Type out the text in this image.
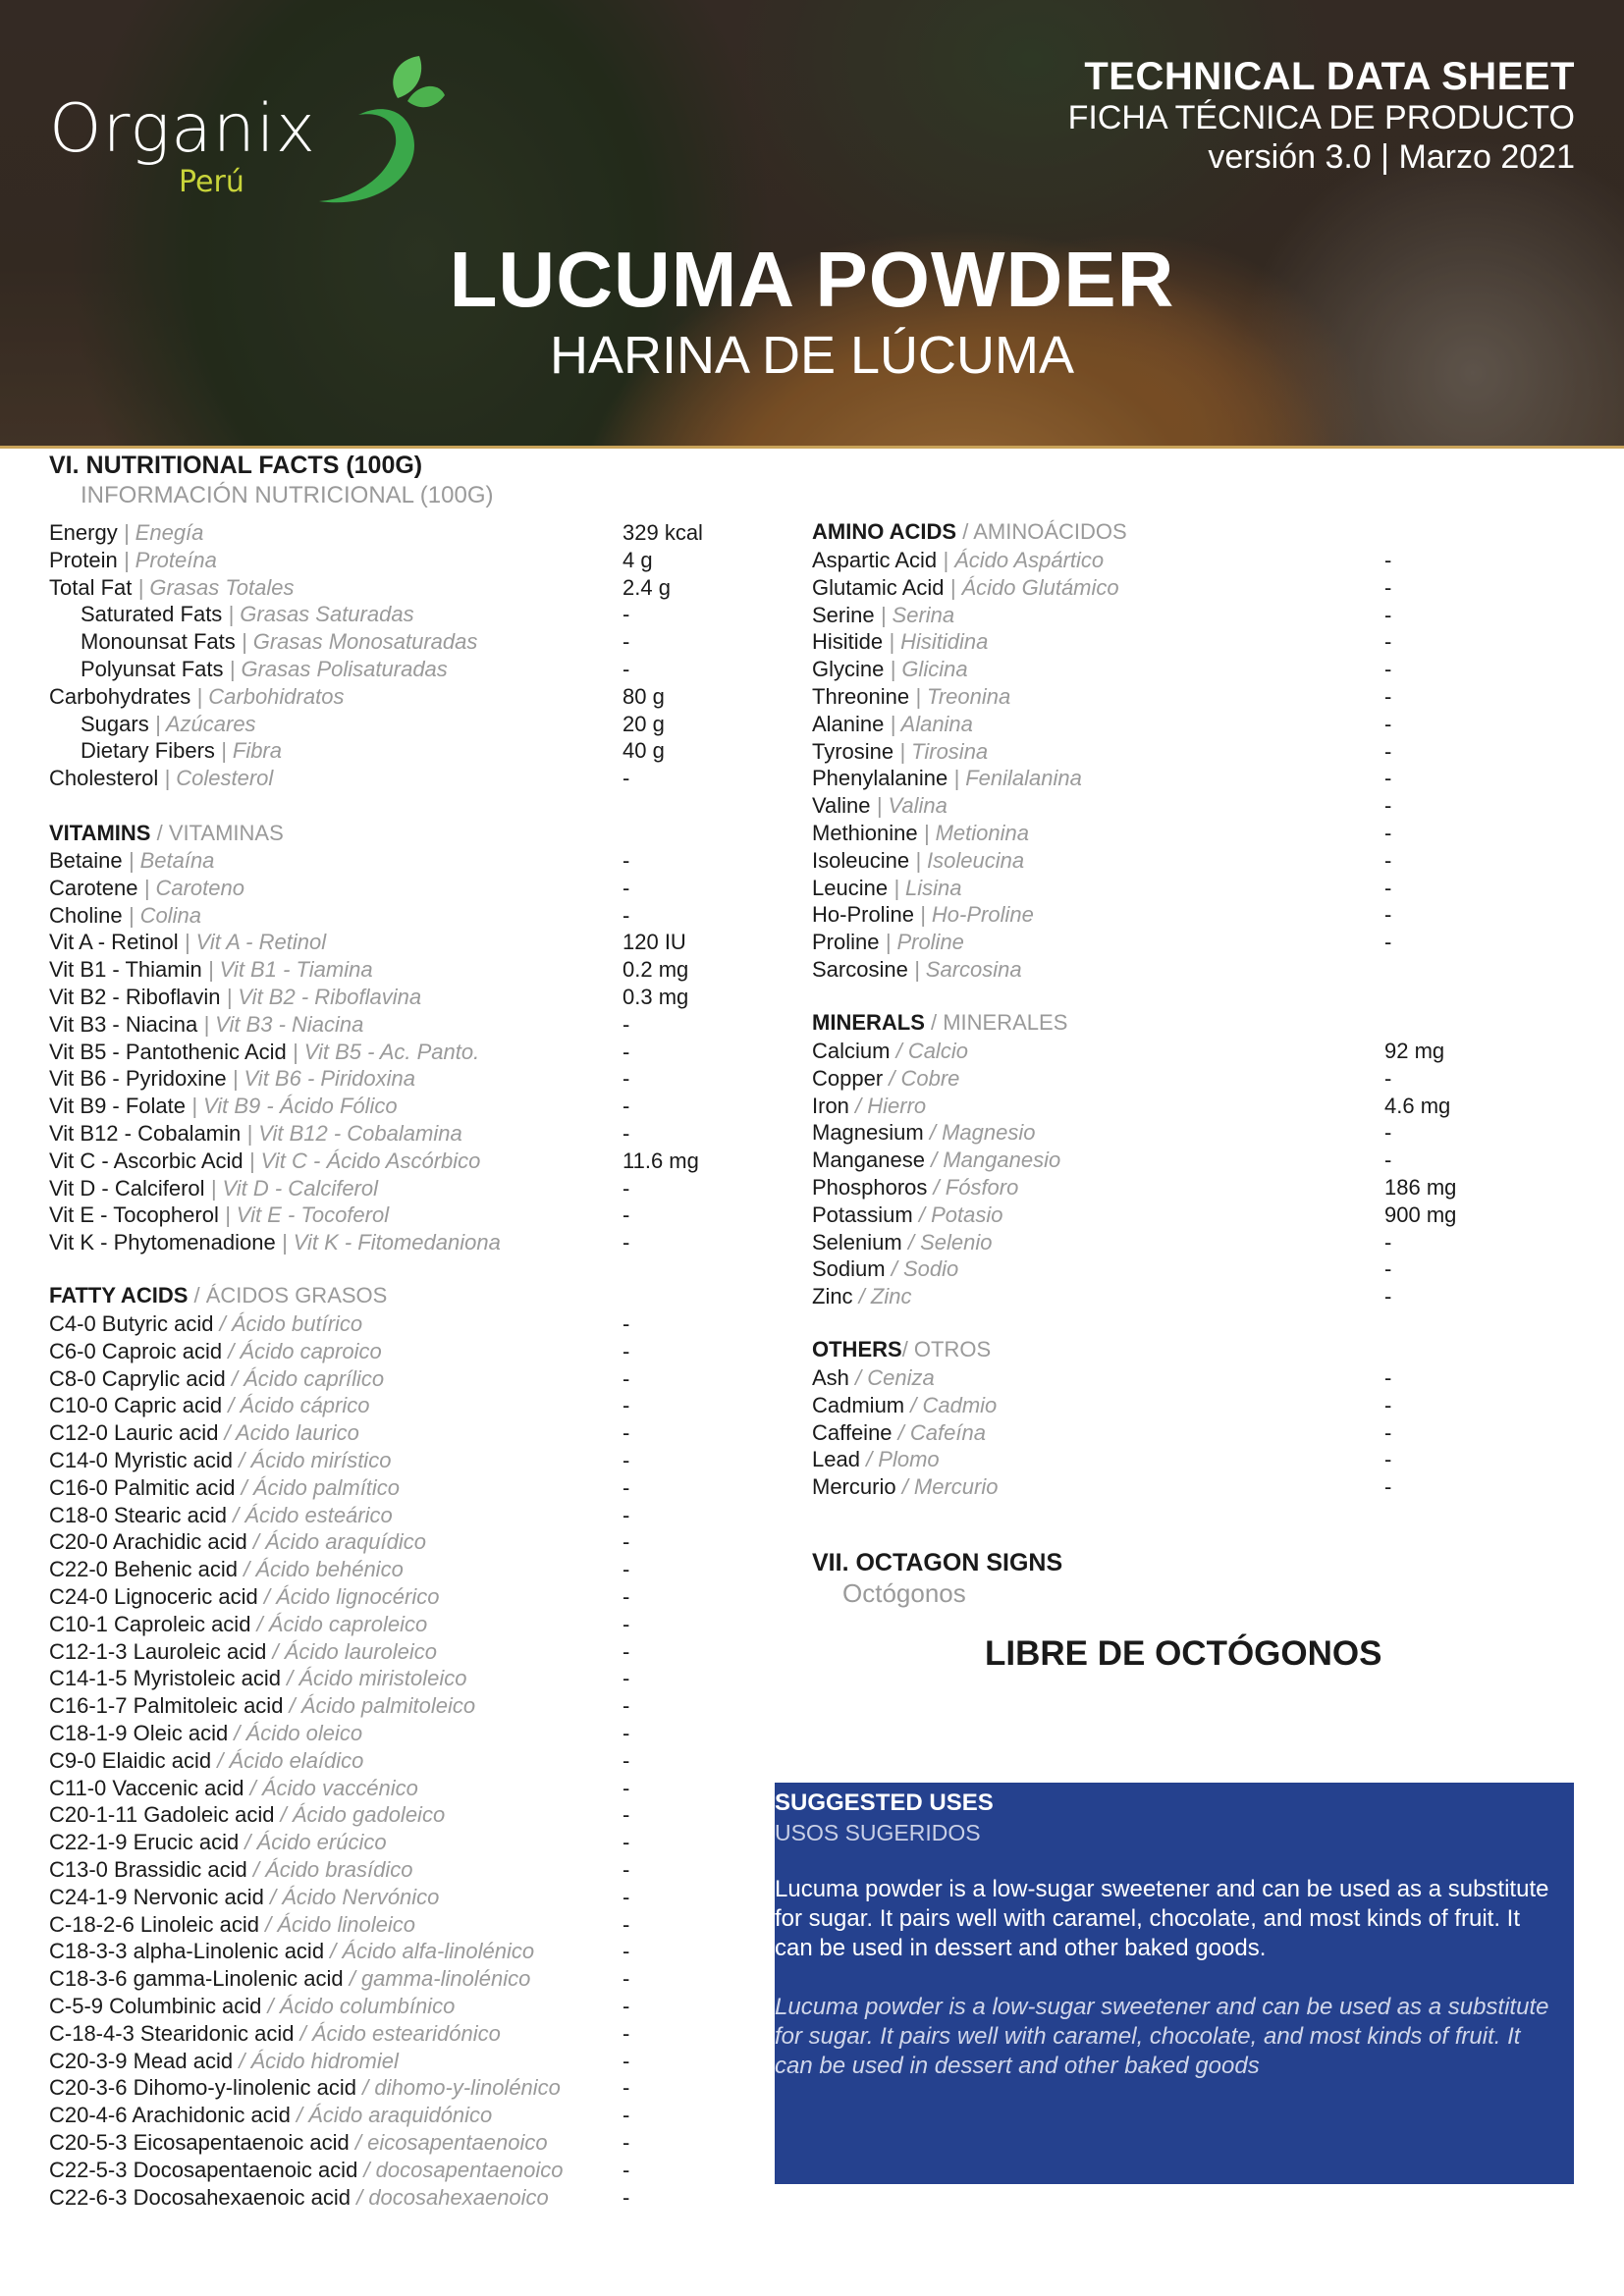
Organix
Perú
TECHNICAL DATA SHEET
FICHA TÉCNICA DE PRODUCTO
versión 3.0 | Marzo 2021
LUCUMA POWDER
HARINA DE LÚCUMA
VI. NUTRITIONAL FACTS (100G)
INFORMACIÓN NUTRICIONAL (100G)
Energy | Enegía	329 kcal
Protein | Proteína	4 g
Total Fat | Grasas Totales	2.4 g
Saturated Fats | Grasas Saturadas	-
Monounsat Fats | Grasas Monosaturadas	-
Polyunsat Fats | Grasas Polisaturadas	-
Carbohydrates | Carbohidratos	80 g
Sugars | Azúcares	20 g
Dietary Fibers | Fibra	40 g
Cholesterol | Colesterol	-
VITAMINS / VITAMINAS
Betaine | Betaína	-
Carotene | Caroteno	-
Choline | Colina	-
Vit A - Retinol | Vit A - Retinol	120 IU
Vit B1 - Thiamin | Vit B1 - Tiamina	0.2 mg
Vit B2 - Riboflavin | Vit B2 - Riboflavina	0.3 mg
Vit B3 - Niacina | Vit B3 - Niacina	-
Vit B5 - Pantothenic Acid | Vit B5 - Ac. Panto.	-
Vit B6 - Pyridoxine | Vit B6 - Piridoxina	-
Vit B9 - Folate | Vit B9 - Ácido Fólico	-
Vit B12 - Cobalamin | Vit B12 - Cobalamina	-
Vit C - Ascorbic Acid | Vit C - Ácido Ascórbico	11.6 mg
Vit D - Calciferol | Vit D - Calciferol	-
Vit E - Tocopherol | Vit E - Tocoferol	-
Vit K - Phytomenadione | Vit K - Fitomedaniona	-
FATTY ACIDS / ÁCIDOS GRASOS
C4-0 Butyric acid / Ácido butírico	-
C6-0 Caproic acid / Ácido caproico	-
C8-0 Caprylic acid / Ácido caprílico	-
C10-0 Capric acid / Ácido cáprico	-
C12-0 Lauric acid / Acido laurico	-
C14-0 Myristic acid / Ácido mirístico	-
C16-0 Palmitic acid / Ácido palmítico	-
C18-0 Stearic acid / Ácido esteárico	-
C20-0 Arachidic acid / Ácido araquídico	-
C22-0 Behenic acid / Ácido behénico	-
C24-0 Lignoceric acid / Ácido lignocérico	-
C10-1 Caproleic acid / Ácido caproleico	-
C12-1-3 Lauroleic acid / Ácido lauroleico	-
C14-1-5 Myristoleic acid / Ácido miristoleico	-
C16-1-7 Palmitoleic acid / Ácido palmitoleico	-
C18-1-9 Oleic acid / Ácido oleico	-
C9-0 Elaidic acid / Ácido elaídico	-
C11-0 Vaccenic acid / Ácido vaccénico	-
C20-1-11 Gadoleic acid / Ácido gadoleico	-
C22-1-9 Erucic acid / Ácido erúcico	-
C13-0 Brassidic acid / Ácido brasídico	-
C24-1-9 Nervonic acid / Ácido Nervónico	-
C-18-2-6 Linoleic acid / Ácido linoleico	-
C18-3-3 alpha-Linolenic acid / Ácido alfa-linolénico	-
C18-3-6 gamma-Linolenic acid / gamma-linolénico	-
C-5-9 Columbinic acid / Ácido columbínico	-
C-18-4-3 Stearidonic acid / Ácido estearidónico	-
C20-3-9 Mead acid / Ácido hidromiel	-
C20-3-6 Dihomo-y-linolenic acid / dihomo-y-linolénico	-
C20-4-6 Arachidonic acid / Ácido araquidónico	-
C20-5-3 Eicosapentaenoic acid / eicosapentaenoico	-
C22-5-3 Docosapentaenoic acid / docosapentaenoico	-
C22-6-3 Docosahexaenoic acid / docosahexaenoico	-
AMINO ACIDS / AMINOÁCIDOS
Aspartic Acid | Ácido Aspártico	-
Glutamic Acid | Ácido Glutámico	-
Serine | Serina	-
Hisitide | Hisitidina	-
Glycine | Glicina	-
Threonine | Treonina	-
Alanine | Alanina	-
Tyrosine | Tirosina	-
Phenylalanine | Fenilalanina	-
Valine | Valina	-
Methionine | Metionina	-
Isoleucine | Isoleucina	-
Leucine | Lisina	-
Ho-Proline | Ho-Proline	-
Proline | Proline	-
Sarcosine | Sarcosina
MINERALS / MINERALES
Calcium / Calcio	92 mg
Copper / Cobre	-
Iron / Hierro	4.6 mg
Magnesium / Magnesio	-
Manganese / Manganesio	-
Phosphoros / Fósforo	186 mg
Potassium / Potasio	900 mg
Selenium / Selenio	-
Sodium / Sodio	-
Zinc / Zinc	-
OTHERS/ OTROS
Ash / Ceniza	-
Cadmium / Cadmio	-
Caffeine / Cafeína	-
Lead / Plomo	-
Mercurio / Mercurio	-
VII. OCTAGON SIGNS
Octógonos
LIBRE DE OCTÓGONOS
SUGGESTED USES
USOS SUGERIDOS
Lucuma powder is a low-sugar sweetener and can be used as a substitute for sugar. It pairs well with caramel, chocolate, and most kinds of fruit. It can be used in dessert and other baked goods.
Lucuma powder is a low-sugar sweetener and can be used as a substitute for sugar. It pairs well with caramel, chocolate, and most kinds of fruit. It can be used in dessert and other baked goods
